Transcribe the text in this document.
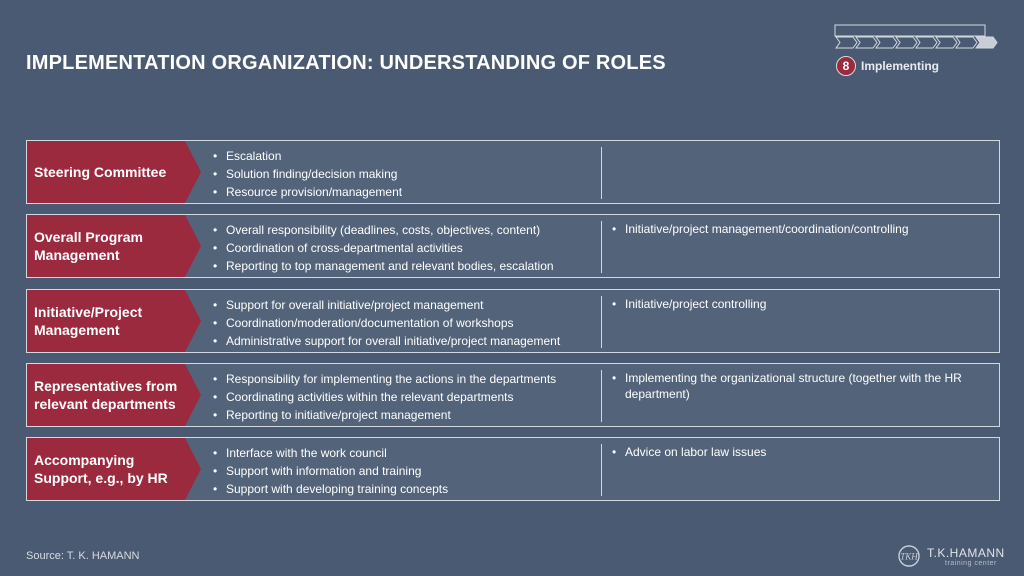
IMPLEMENTATION ORGANIZATION: UNDERSTANDING OF ROLES	8 Implementing
Steering Committee
• Escalation
• Solution finding/decision making
• Resource provision/management
Overall Program Management
• Overall responsibility (deadlines, costs, objectives, content)
• Coordination of cross-departmental activities
• Reporting to top management and relevant bodies, escalation
• Initiative/project management/coordination/controlling
Initiative/Project Management
• Support for overall initiative/project management
• Coordination/moderation/documentation of workshops
• Administrative support for overall initiative/project management
• Initiative/project controlling
Representatives from relevant departments
• Responsibility for implementing the actions in the departments
• Coordinating activities within the relevant departments
• Reporting to initiative/project management
• Implementing the organizational structure (together with the HR department)
Accompanying Support, e.g., by HR
• Interface with the work council
• Support with information and training
• Support with developing training concepts
• Advice on labor law issues
Source: T. K. HAMANN	TKH T.K.HAMANN
training center
